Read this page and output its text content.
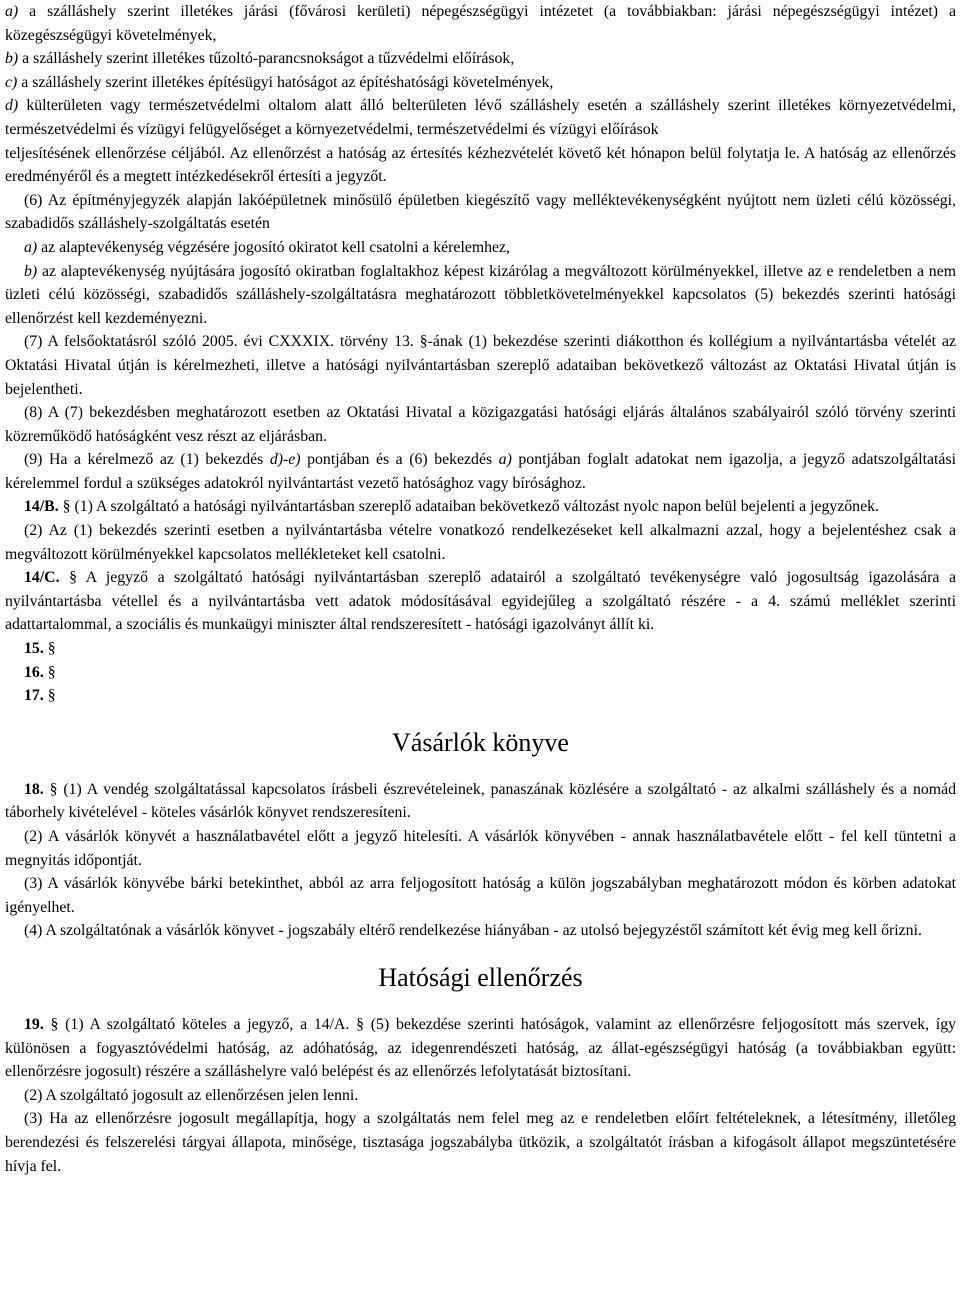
a) a szálláshely szerint illetékes járási (fővárosi kerületi) népegészségügyi intézetet (a továbbiakban: járási népegészségügyi intézet) a közegészségügyi követelmények,

b) a szálláshely szerint illetékes tűzoltó-parancsnokságot a tűzvédelmi előírások,

c) a szálláshely szerint illetékes építésügyi hatóságot az építéshatósági követelmények,

d) külterületen vagy természetvédelmi oltalom alatt álló belterületen lévő szálláshely esetén a szálláshely szerint illetékes környezetvédelmi, természetvédelmi és vízügyi felügyelőséget a környezetvédelmi, természetvédelmi és vízügyi előírások

teljesítésének ellenőrzése céljából. Az ellenőrzést a hatóság az értesítés kézhezvételét követő két hónapon belül folytatja le. A hatóság az ellenőrzés eredményéről és a megtett intézkedésekről értesíti a jegyzőt.

(6) Az építményjegyzék alapján lakóépületnek minősülő épületben kiegészítő vagy melléktevékenységként nyújtott nem üzleti célú közösségi, szabadidős szálláshely-szolgáltatás esetén

a) az alaptevékenység végzésére jogosító okiratot kell csatolni a kérelemhez,

b) az alaptevékenység nyújtására jogosító okiratban foglaltakhoz képest kizárólag a megváltozott körülményekkel, illetve az e rendeletben a nem üzleti célú közösségi, szabadidős szálláshely-szolgáltatásra meghatározott többletkövetelményekkel kapcsolatos (5) bekezdés szerinti hatósági ellenőrzést kell kezdeményezni.

(7) A felsőoktatásról szóló 2005. évi CXXXIX. törvény 13. §-ának (1) bekezdése szerinti diákotthon és kollégium a nyilvántartásba vételét az Oktatási Hivatal útján is kérelmezheti, illetve a hatósági nyilvántartásban szereplő adataiban bekövetkező változást az Oktatási Hivatal útján is bejelentheti.

(8) A (7) bekezdésben meghatározott esetben az Oktatási Hivatal a közigazgatási hatósági eljárás általános szabályairól szóló törvény szerinti közreműködő hatóságként vesz részt az eljárásban.

(9) Ha a kérelmező az (1) bekezdés d)-e) pontjában és a (6) bekezdés a) pontjában foglalt adatokat nem igazolja, a jegyző adatszolgáltatási kérelemmel fordul a szükséges adatokról nyilvántartást vezető hatósághoz vagy bírósághoz.

14/B. § (1) A szolgáltató a hatósági nyilvántartásban szereplő adataiban bekövetkező változást nyolc napon belül bejelenti a jegyzőnek.

(2) Az (1) bekezdés szerinti esetben a nyilvántartásba vételre vonatkozó rendelkezéseket kell alkalmazni azzal, hogy a bejelentéshez csak a megváltozott körülményekkel kapcsolatos mellékleteket kell csatolni.

14/C. § A jegyző a szolgáltató hatósági nyilvántartásban szereplő adatairól a szolgáltató tevékenységre való jogosultság igazolására a nyilvántartásba vétellel és a nyilvántartásba vett adatok módosításával egyidejűleg a szolgáltató részére - a 4. számú melléklet szerinti adattartalommal, a szociális és munkaügyi miniszter által rendszeresített - hatósági igazolványt állít ki.

15. §

16. §

17. §

Vásárlók könyve

18. § (1) A vendég szolgáltatással kapcsolatos írásbeli észrevételeinek, panaszának közlésére a szolgáltató - az alkalmi szálláshely és a nomád táborhely kivételével - köteles vásárlók könyvet rendszeresíteni.

(2) A vásárlók könyvét a használatbavétel előtt a jegyző hitelesíti. A vásárlók könyvében - annak használatbavétele előtt - fel kell tüntetni a megnyitás időpontját.

(3) A vásárlók könyvébe bárki betekinthet, abból az arra feljogosított hatóság a külön jogszabályban meghatározott módon és körben adatokat igényelhet.

(4) A szolgáltatónak a vásárlók könyvet - jogszabály eltérő rendelkezése hiányában - az utolsó bejegyzéstől számított két évig meg kell őrizni.

Hatósági ellenőrzés

19. § (1) A szolgáltató köteles a jegyző, a 14/A. § (5) bekezdése szerinti hatóságok, valamint az ellenőrzésre feljogosított más szervek, így különösen a fogyasztóvédelmi hatóság, az adóhatóság, az idegenrendészeti hatóság, az állat-egészségügyi hatóság (a továbbiakban együtt: ellenőrzésre jogosult) részére a szálláshelyre való belépést és az ellenőrzés lefolytatását biztosítani.

(2) A szolgáltató jogosult az ellenőrzésen jelen lenni.

(3) Ha az ellenőrzésre jogosult megállapítja, hogy a szolgáltatás nem felel meg az e rendeletben előírt feltételeknek, a létesítmény, illetőleg berendezési és felszerelési tárgyai állapota, minősége, tisztasága jogszabályba ütközik, a szolgáltatót írásban a kifogásolt állapot megszüntetésére hívja fel.
